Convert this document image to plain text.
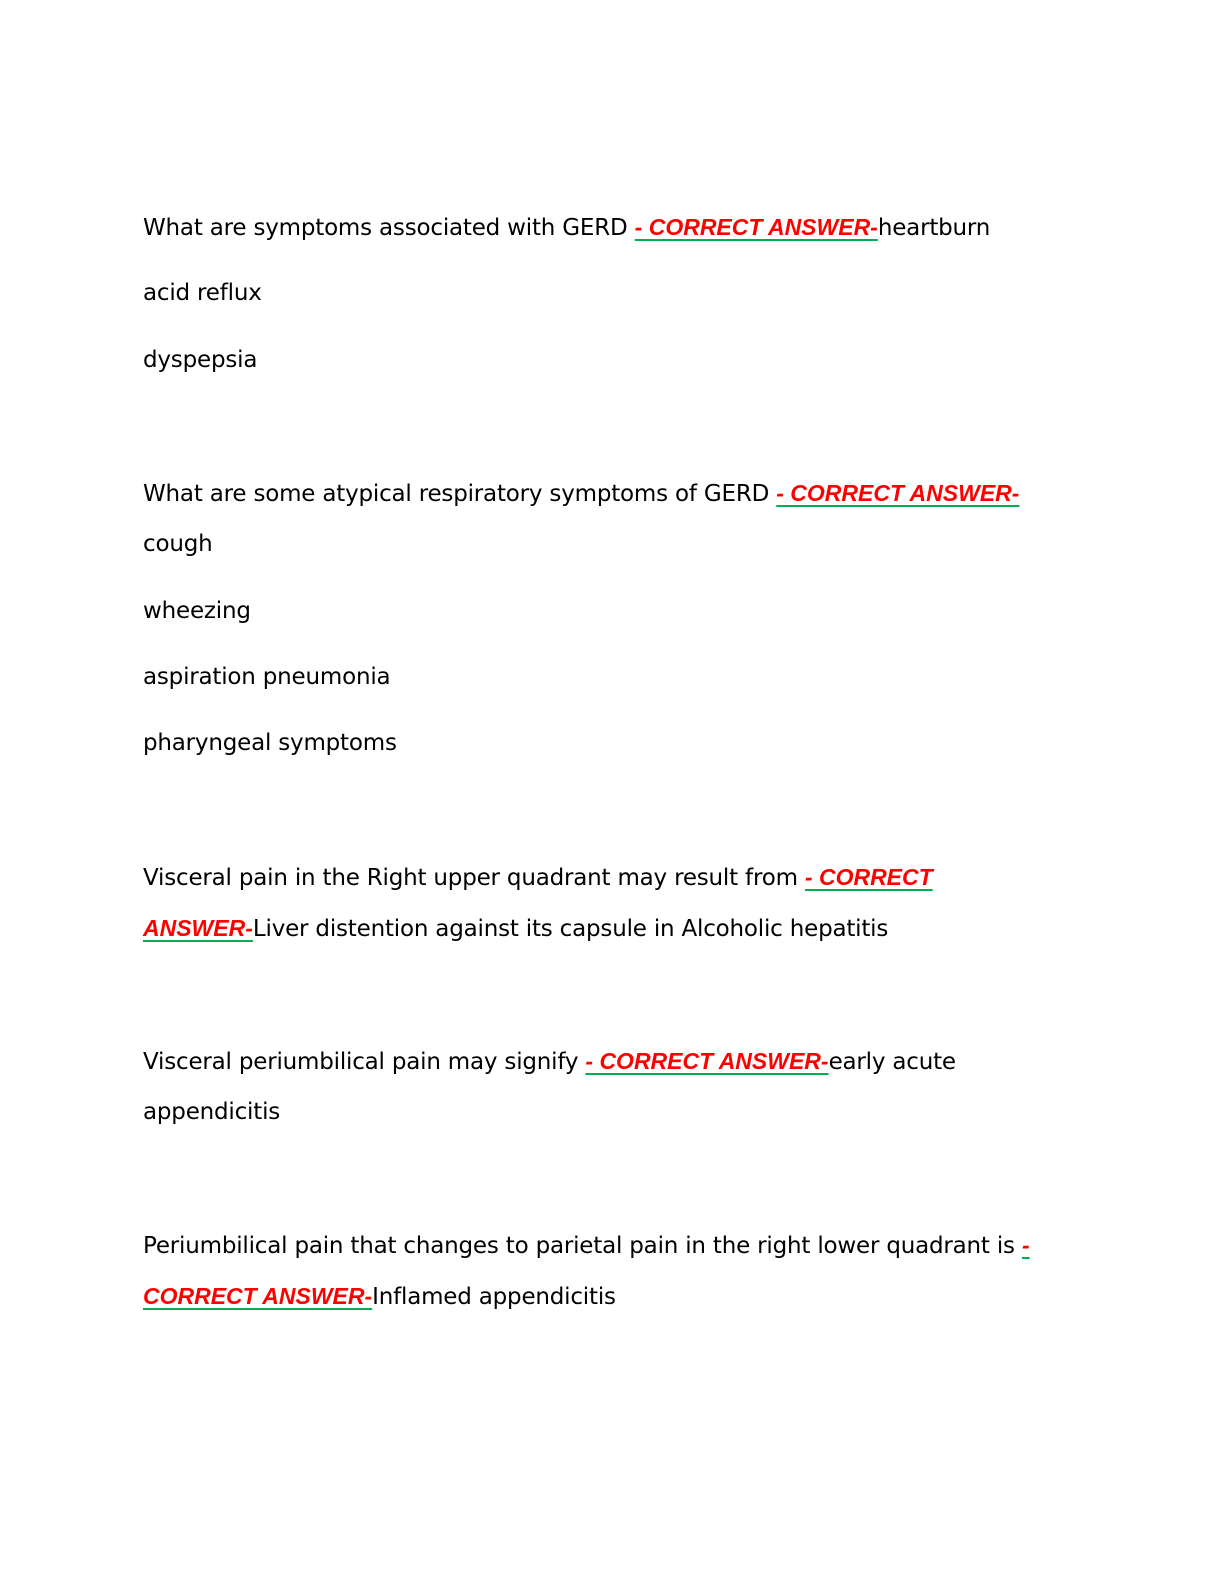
What are symptoms associated with GERD - CORRECT ANSWER-heartburn
acid reflux
dyspepsia
What are some atypical respiratory symptoms of GERD - CORRECT ANSWER-
cough
wheezing
aspiration pneumonia
pharyngeal symptoms
Visceral pain in the Right upper quadrant may result from - CORRECT
ANSWER-Liver distention against its capsule in Alcoholic hepatitis
Visceral periumbilical pain may signify - CORRECT ANSWER-early acute
appendicitis
Periumbilical pain that changes to parietal pain in the right lower quadrant is -
CORRECT ANSWER-Inflamed appendicitis
